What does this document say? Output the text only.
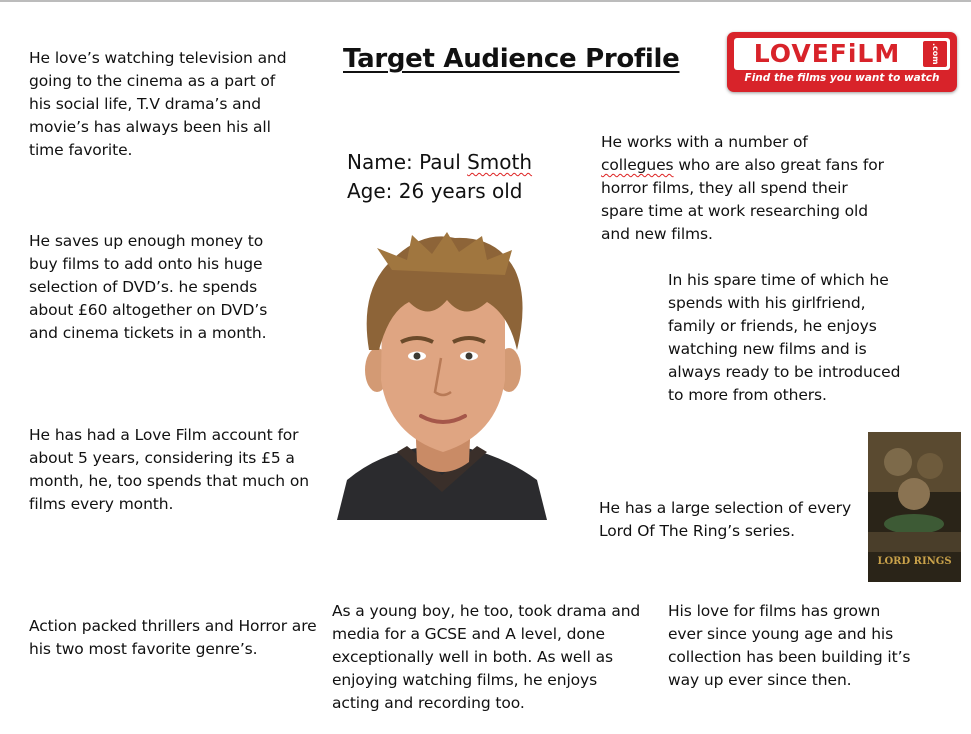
Target Audience Profile	LOVEFiLM	.com
Find the films you want to watch

He love’s watching television and
going to the cinema as a part of
his social life, T.V drama’s and
movie’s has always been his all
time favorite.

He saves up enough money to
buy films to add onto his huge
selection of DVD’s. he spends
about £60 altogether on DVD’s
and cinema tickets in a month.

He has had a Love Film account for
about 5 years, considering its £5 a
month, he, too spends that much on
films every month.

Action packed thrillers and Horror are
his two most favorite genre’s.

Name: Paul Smoth
Age: 26 years old

He works with a number of
collegues who are also great fans for
horror films, they all spend their
spare time at work researching old
and new films.

In his spare time of which he
spends with his girlfriend,
family or friends, he enjoys
watching new films and is
always ready to be introduced
to more from others.

He has a large selection of every
Lord Of The Ring’s series.

LORD RINGS

As a young boy, he too, took drama and
media for a GCSE and A level, done
exceptionally well in both. As well as
enjoying watching films, he enjoys
acting and recording too.

His love for films has grown
ever since young age and his
collection has been building it’s
way up ever since then.
